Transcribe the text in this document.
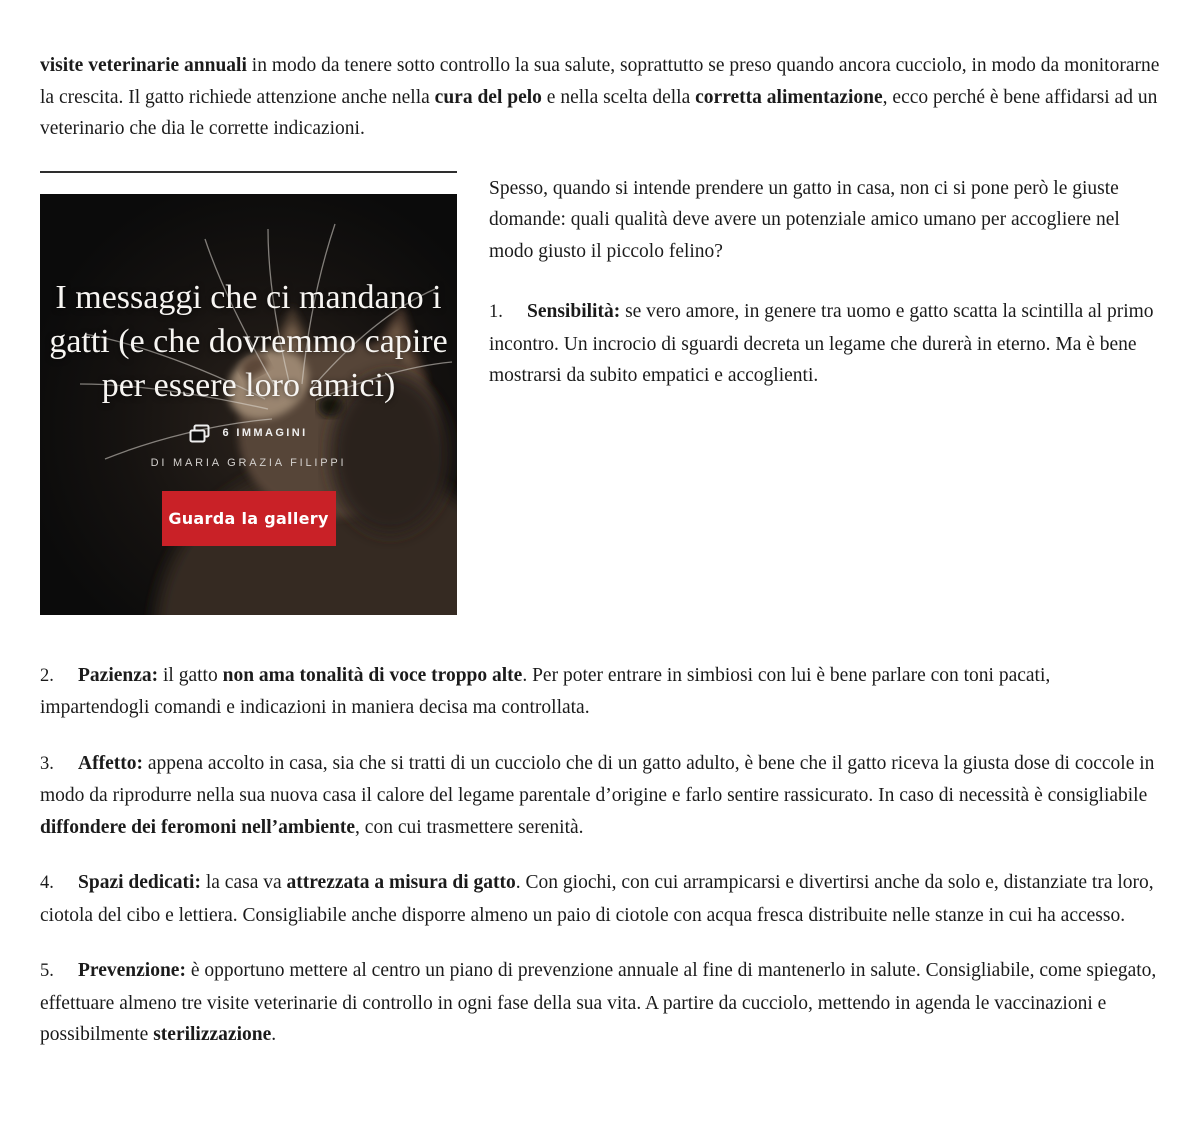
visite veterinarie annuali in modo da tenere sotto controllo la sua salute, soprattutto se preso quando ancora cucciolo, in modo da monitorarne la crescita. Il gatto richiede attenzione anche nella cura del pelo e nella scelta della corretta alimentazione, ecco perché è bene affidarsi ad un veterinario che dia le corrette indicazioni.

I messaggi che ci mandano i gatti (e che dovremmo capire per essere loro amici)
6 IMMAGINI
DI MARIA GRAZIA FILIPPI
Guarda la gallery

Spesso, quando si intende prendere un gatto in casa, non ci si pone però le giuste domande: quali qualità deve avere un potenziale amico umano per accogliere nel modo giusto il piccolo felino?

1. Sensibilità: se vero amore, in genere tra uomo e gatto scatta la scintilla al primo incontro. Un incrocio di sguardi decreta un legame che durerà in eterno. Ma è bene mostrarsi da subito empatici e accoglienti.

2. Pazienza: il gatto non ama tonalità di voce troppo alte. Per poter entrare in simbiosi con lui è bene parlare con toni pacati, impartendogli comandi e indicazioni in maniera decisa ma controllata.

3. Affetto: appena accolto in casa, sia che si tratti di un cucciolo che di un gatto adulto, è bene che il gatto riceva la giusta dose di coccole in modo da riprodurre nella sua nuova casa il calore del legame parentale d’origine e farlo sentire rassicurato. In caso di necessità è consigliabile diffondere dei feromoni nell’ambiente, con cui trasmettere serenità.

4. Spazi dedicati: la casa va attrezzata a misura di gatto. Con giochi, con cui arrampicarsi e divertirsi anche da solo e, distanziate tra loro, ciotola del cibo e lettiera. Consigliabile anche disporre almeno un paio di ciotole con acqua fresca distribuite nelle stanze in cui ha accesso.

5. Prevenzione: è opportuno mettere al centro un piano di prevenzione annuale al fine di mantenerlo in salute. Consigliabile, come spiegato, effettuare almeno tre visite veterinarie di controllo in ogni fase della sua vita. A partire da cucciolo, mettendo in agenda le vaccinazioni e possibilmente sterilizzazione.
